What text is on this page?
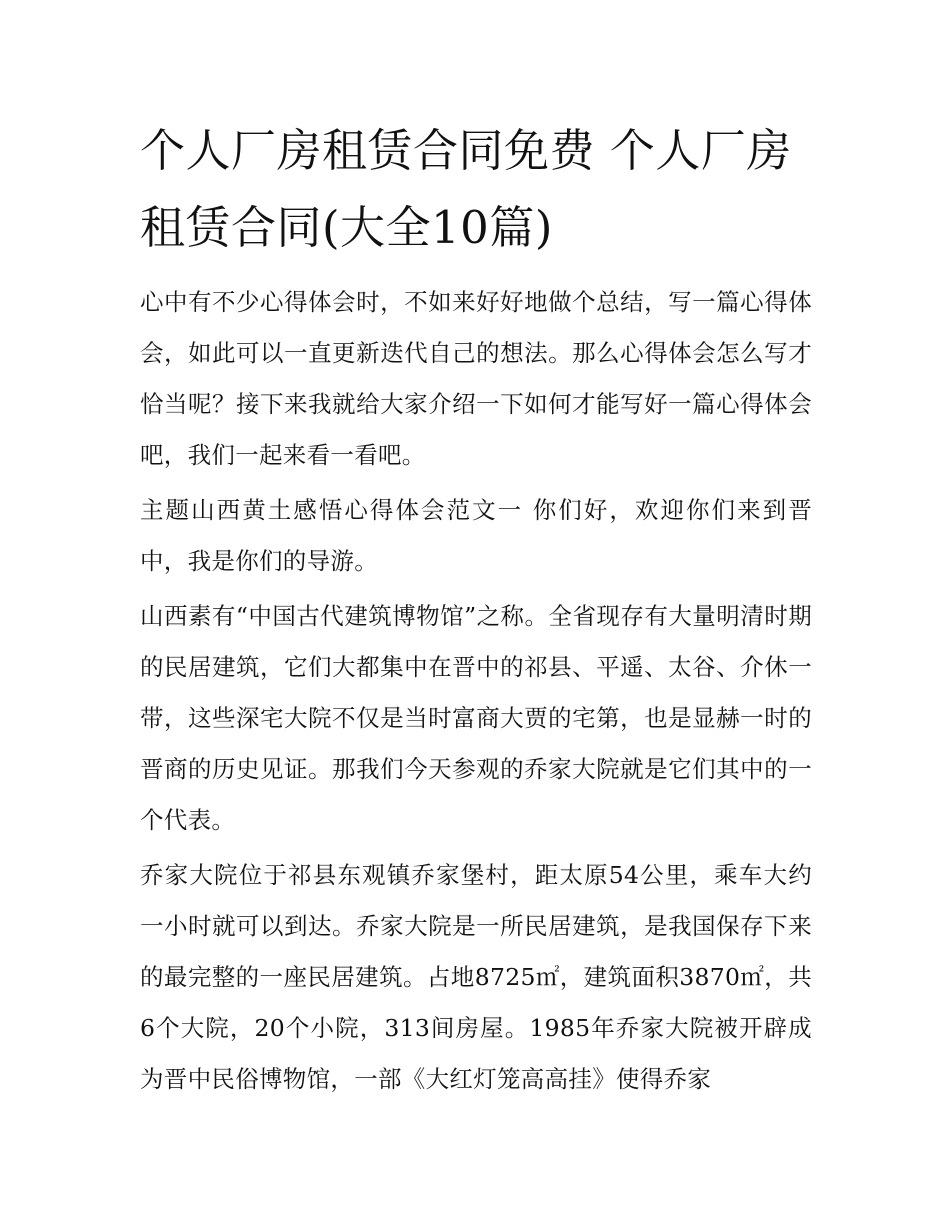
个人厂房租赁合同免费 个人厂房租赁合同(大全10篇)

心中有不少心得体会时，不如来好好地做个总结，写一篇心得体会，如此可以一直更新迭代自己的想法。那么心得体会怎么写才恰当呢？接下来我就给大家介绍一下如何才能写好一篇心得体会吧，我们一起来看一看吧。

主题山西黄土感悟心得体会范文一 你们好，欢迎你们来到晋中，我是你们的导游。

山西素有“中国古代建筑博物馆”之称。全省现存有大量明清时期的民居建筑，它们大都集中在晋中的祁县、平遥、太谷、介休一带，这些深宅大院不仅是当时富商大贾的宅第，也是显赫一时的晋商的历史见证。那我们今天参观的乔家大院就是它们其中的一个代表。

乔家大院位于祁县东观镇乔家堡村，距太原54公里，乘车大约一小时就可以到达。乔家大院是一所民居建筑，是我国保存下来的最完整的一座民居建筑。占地8725㎡，建筑面积3870㎡，共6个大院，20个小院，313间房屋。1985年乔家大院被开辟成为晋中民俗博物馆，一部《大红灯笼高高挂》使得乔家
